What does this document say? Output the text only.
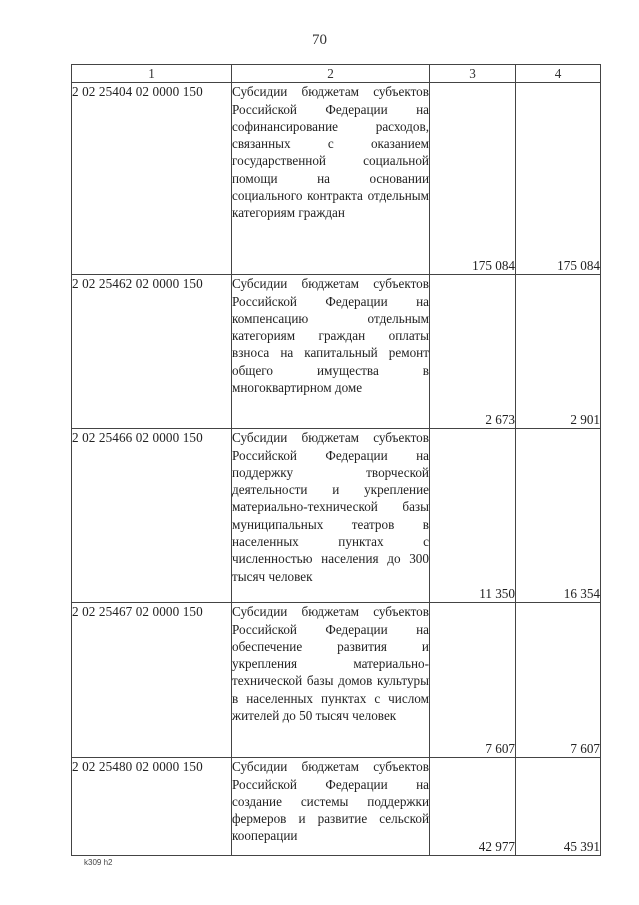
70
1	2	3	4
2 02 25404 02 0000 150	Субсидии бюджетам субъектов Российской Федерации на софинансирование расходов, связанных с оказанием государственной социальной помощи на основании социального контракта отдельным категориям граждан	175 084	175 084
2 02 25462 02 0000 150	Субсидии бюджетам субъектов Российской Федерации на компенсацию отдельным категориям граждан оплаты взноса на капитальный ремонт общего имущества в многоквартирном доме	2 673	2 901
2 02 25466 02 0000 150	Субсидии бюджетам субъектов Российской Федерации на поддержку творческой деятельности и укрепление материально-технической базы муниципальных театров в населенных пунктах с численностью населения до 300 тысяч человек	11 350	16 354
2 02 25467 02 0000 150	Субсидии бюджетам субъектов Российской Федерации на обеспечение развития и укрепления материально-технической базы домов культуры в населенных пунктах с числом жителей до 50 тысяч человек	7 607	7 607
2 02 25480 02 0000 150	Субсидии бюджетам субъектов Российской Федерации на создание системы поддержки фермеров и развитие сельской кооперации	42 977	45 391
k309 h2
